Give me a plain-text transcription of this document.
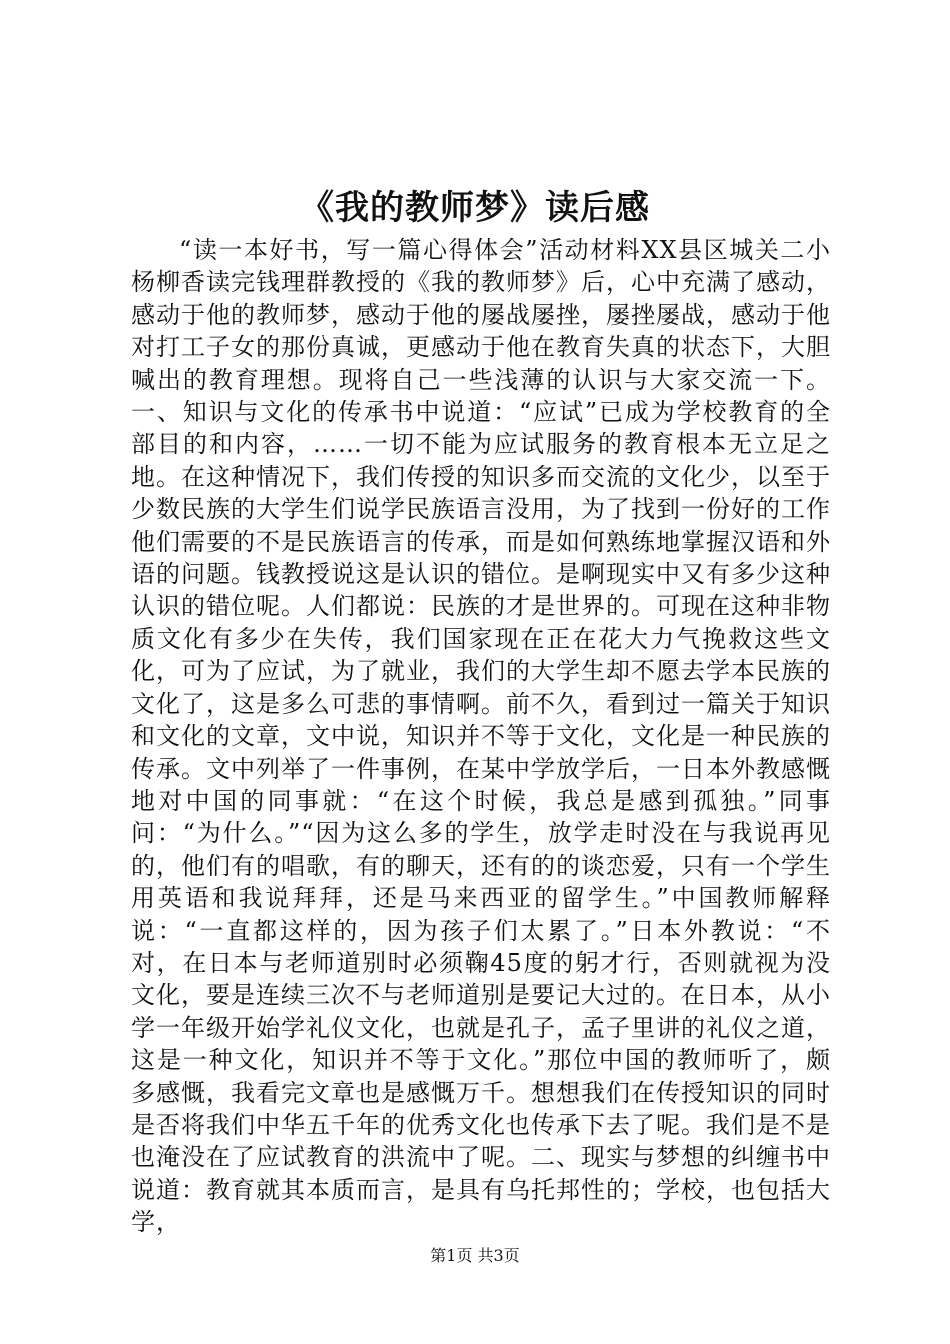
《我的教师梦》读后感

“读一本好书，写一篇心得体会”活动材料XX县区城关二小杨柳香读完钱理群教授的《我的教师梦》后，心中充满了感动，感动于他的教师梦，感动于他的屡战屡挫，屡挫屡战，感动于他对打工子女的那份真诚，更感动于他在教育失真的状态下，大胆喊出的教育理想。现将自己一些浅薄的认识与大家交流一下。一、知识与文化的传承书中说道：“应试”已成为学校教育的全部目的和内容，……一切不能为应试服务的教育根本无立足之地。在这种情况下，我们传授的知识多而交流的文化少，以至于少数民族的大学生们说学民族语言没用，为了找到一份好的工作他们需要的不是民族语言的传承，而是如何熟练地掌握汉语和外语的问题。钱教授说这是认识的错位。是啊现实中又有多少这种认识的错位呢。人们都说：民族的才是世界的。可现在这种非物质文化有多少在失传，我们国家现在正在花大力气挽救这些文化，可为了应试，为了就业，我们的大学生却不愿去学本民族的文化了，这是多么可悲的事情啊。前不久，看到过一篇关于知识和文化的文章，文中说，知识并不等于文化，文化是一种民族的传承。文中列举了一件事例，在某中学放学后，一日本外教感慨地对中国的同事就：“在这个时候，我总是感到孤独。”同事问：“为什么。”“因为这么多的学生，放学走时没在与我说再见的，他们有的唱歌，有的聊天，还有的的谈恋爱，只有一个学生用英语和我说拜拜，还是马来西亚的留学生。”中国教师解释说：“一直都这样的，因为孩子们太累了。”日本外教说：“不对，在日本与老师道别时必须鞠45度的躬才行，否则就视为没文化，要是连续三次不与老师道别是要记大过的。在日本，从小学一年级开始学礼仪文化，也就是孔子，孟子里讲的礼仪之道，这是一种文化，知识并不等于文化。”那位中国的教师听了，颇多感慨，我看完文章也是感慨万千。想想我们在传授知识的同时是否将我们中华五千年的优秀文化也传承下去了呢。我们是不是也淹没在了应试教育的洪流中了呢。二、现实与梦想的纠缠书中说道：教育就其本质而言，是具有乌托邦性的；学校，也包括大学，

第1页 共3页
